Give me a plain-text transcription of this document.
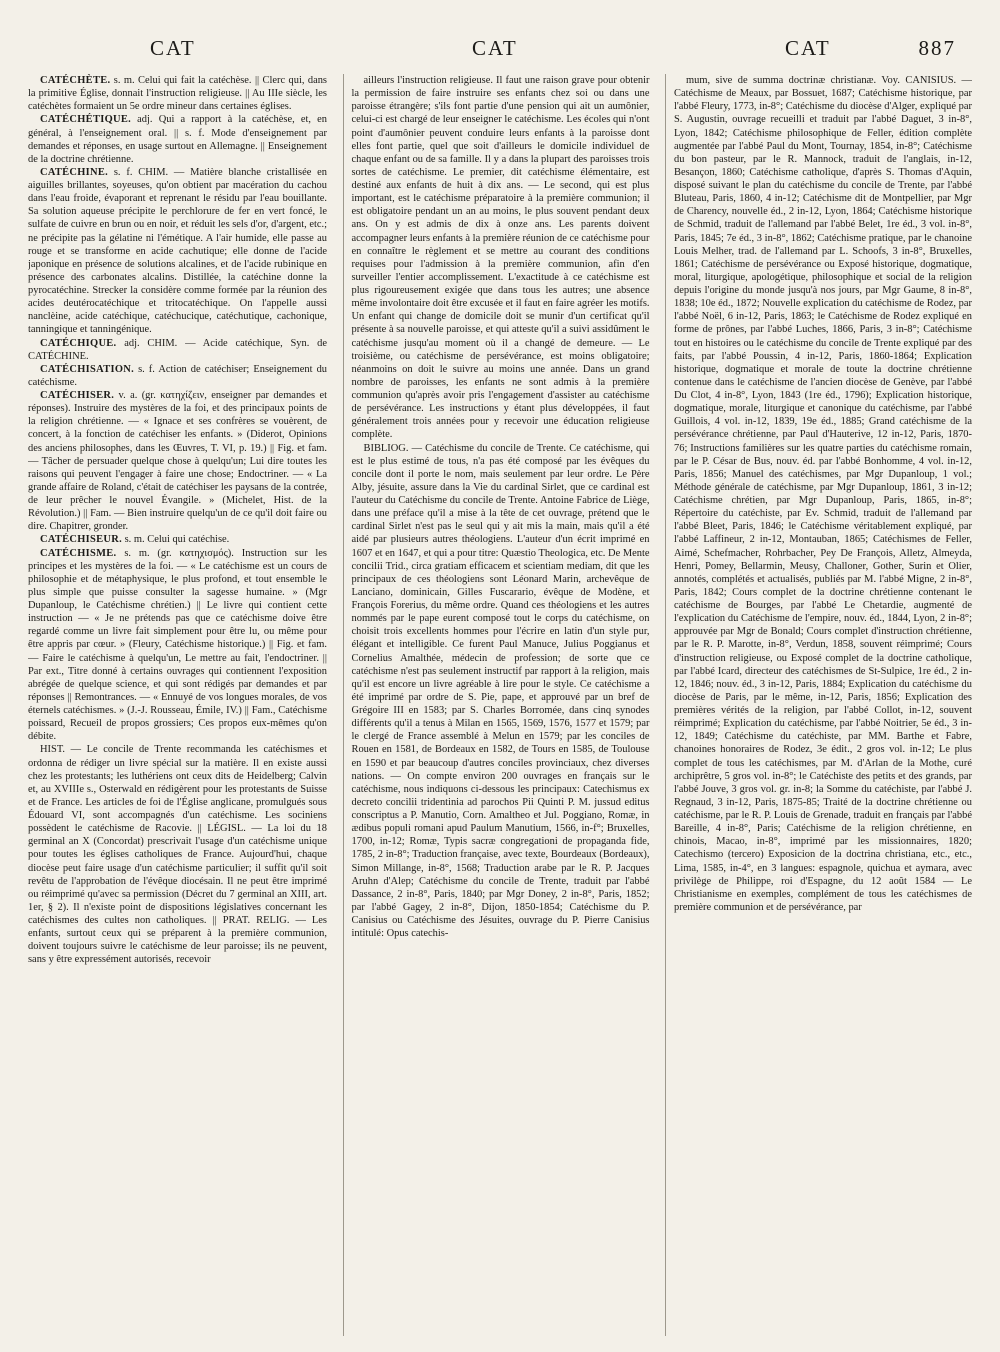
CAT	CAT	CAT	887

CATÉCHÈTE. s. m. Celui qui fait la catéchèse. || Clerc qui, dans la primitive Église, donnait l'instruction religieuse. || Au IIIe siècle, les catéchètes formaient un 5e ordre mineur dans certaines églises.

CATÉCHÉTIQUE. adj. Qui a rapport à la catéchèse, et, en général, à l'enseignement oral. || s. f. Mode d'enseignement par demandes et réponses, en usage surtout en Allemagne. || Enseignement de la doctrine chrétienne.

CATÉCHINE. s. f. CHIM. — Matière blanche cristallisée en aiguilles brillantes, soyeuses, qu'on obtient par macération du cachou dans l'eau froide, évaporant et reprenant le résidu par l'eau bouillante. Sa solution aqueuse précipite le perchlorure de fer en vert foncé, le sulfate de cuivre en brun ou en noir, et réduit les sels d'or, d'argent, etc.; ne précipite pas la gélatine ni l'émétique. A l'air humide, elle passe au rouge et se transforme en acide cachutique; elle donne de l'acide japonique en présence de solutions alcalines, et de l'acide rubinique en présence des carbonates alcalins. Distillée, la catéchine donne la pyrocatéchine. Strecker la considère comme formée par la réunion des acides deutérocatéchique et tritocatéchique. On l'appelle aussi nanclèine, acide catéchique, catéchucique, catéchutique, cachonique, tanningique et tanningénique.

CATÉCHIQUE. adj. CHIM. — Acide catéchique, Syn. de CATÉCHINE.

CATÉCHISATION. s. f. Action de catéchiser; Enseignement du catéchisme.

CATÉCHISER. v. a. (gr. κατηχίζειν, enseigner par demandes et réponses). Instruire des mystères de la foi, et des principaux points de la religion chrétienne. — « Ignace et ses confrères se vouèrent, de concert, à la fonction de catéchiser les enfants. » (Diderot, Opinions des anciens philosophes, dans les Œuvres, T. VI, p. 19.) || Fig. et fam. — Tâcher de persuader quelque chose à quelqu'un; Lui dire toutes les raisons qui peuvent l'engager à faire une chose; Endoctriner. — « La grande affaire de Roland, c'était de catéchiser les paysans de la contrée, de leur prêcher le nouvel Évangile. » (Michelet, Hist. de la Révolution.) || Fam. — Bien instruire quelqu'un de ce qu'il doit faire ou dire. Chapitrer, gronder.

CATÉCHISEUR. s. m. Celui qui catéchise.

CATÉCHISME. s. m. (gr. κατηχισμός). Instruction sur les principes et les mystères de la foi. — « Le catéchisme est un cours de philosophie et de métaphysique, le plus profond, et tout ensemble le plus simple que puisse consulter la sagesse humaine. » (Mgr Dupanloup, le Catéchisme chrétien.) || Le livre qui contient cette instruction — « Je ne prétends pas que ce catéchisme doive être regardé comme un livre fait simplement pour être lu, ou même pour être appris par cœur. » (Fleury, Catéchisme historique.) || Fig. et fam. — Faire le catéchisme à quelqu'un, Le mettre au fait, l'endoctriner. || Par ext., Titre donné à certains ouvrages qui contiennent l'exposition abrégée de quelque science, et qui sont rédigés par demandes et par réponses || Remontrances. — « Ennuyé de vos longues morales, de vos éternels catéchismes. » (J.-J. Rousseau, Émile, IV.) || Fam., Catéchisme poissard, Recueil de propos grossiers; Ces propos eux-mêmes qu'on débite.

HIST. — Le concile de Trente recommanda les catéchismes et ordonna de rédiger un livre spécial sur la matière. Il en existe aussi chez les protestants; les luthériens ont ceux dits de Heidelberg; Calvin et, au XVIIIe s., Osterwald en rédigèrent pour les protestants de Suisse et de France. Les articles de foi de l'Église anglicane, promulgués sous Édouard VI, sont accompagnés d'un catéchisme. Les sociniens possèdent le catéchisme de Racovie. || LÉGISL. — La loi du 18 germinal an X (Concordat) prescrivait l'usage d'un catéchisme unique pour toutes les églises catholiques de France. Aujourd'hui, chaque diocèse peut faire usage d'un catéchisme particulier; il suffit qu'il soit revêtu de l'approbation de l'évêque diocésain. Il ne peut être imprimé ou réimprimé qu'avec sa permission (Décret du 7 germinal an XIII, art. 1er, § 2). Il n'existe point de dispositions législatives concernant les catéchismes des cultes non catholiques. || PRAT. RELIG. — Les enfants, surtout ceux qui se préparent à la première communion, doivent toujours suivre le catéchisme de leur paroisse; ils ne peuvent, sans y être expressément autorisés, recevoir

ailleurs l'instruction religieuse. Il faut une raison grave pour obtenir la permission de faire instruire ses enfants chez soi ou dans une paroisse étrangère; s'ils font partie d'une pension qui ait un aumônier, celui-ci est chargé de leur enseigner le catéchisme. Les écoles qui n'ont point d'aumônier peuvent conduire leurs enfants à la paroisse dont elles font partie, quel que soit d'ailleurs le domicile individuel de chaque enfant ou de sa famille. Il y a dans la plupart des paroisses trois sortes de catéchisme. Le premier, dit catéchisme élémentaire, est destiné aux enfants de huit à dix ans. — Le second, qui est plus important, est le catéchisme préparatoire à la première communion; il est obligatoire pendant un an au moins, le plus souvent pendant deux ans. On y est admis de dix à onze ans. Les parents doivent accompagner leurs enfants à la première réunion de ce catéchisme pour en connaître le règlement et se mettre au courant des conditions requises pour l'admission à la première communion, afin d'en surveiller l'entier accomplissement. L'exactitude à ce catéchisme est plus rigoureusement exigée que dans tous les autres; une absence même involontaire doit être excusée et il faut en faire agréer les motifs. Un enfant qui change de domicile doit se munir d'un certificat qu'il présente à sa nouvelle paroisse, et qui atteste qu'il a suivi assidûment le catéchisme jusqu'au moment où il a changé de demeure. — Le troisième, ou catéchisme de persévérance, est moins obligatoire; néanmoins on doit le suivre au moins une année. Dans un grand nombre de paroisses, les enfants ne sont admis à la première communion qu'après avoir pris l'engagement d'assister au catéchisme de persévérance. Les instructions y étant plus développées, il faut généralement trois années pour y recevoir une éducation religieuse complète.

BIBLIOG. — Catéchisme du concile de Trente. Ce catéchisme, qui est le plus estimé de tous, n'a pas été composé par les évêques du concile dont il porte le nom, mais seulement par leur ordre. Le Père Alby, jésuite, assure dans la Vie du cardinal Sirlet, que ce cardinal est l'auteur du Catéchisme du concile de Trente. Antoine Fabrice de Liège, dans une préface qu'il a mise à la tête de cet ouvrage, prétend que le cardinal Sirlet n'est pas le seul qui y ait mis la main, mais qu'il a été aidé par plusieurs autres théologiens. L'auteur d'un écrit imprimé en 1607 et en 1647, et qui a pour titre: Quæstio Theologica, etc. De Mente concilii Trid., circa gratiam efficacem et scientiam mediam, dit que les principaux de ces théologiens sont Léonard Marin, archevêque de Lanciano, dominicain, Gilles Fuscarario, évêque de Modène, et François Forerius, du même ordre. Quand ces théologiens et les autres nommés par le pape eurent composé tout le corps du catéchisme, on choisit trois excellents hommes pour l'écrire en latin d'un style pur, élégant et intelligible. Ce furent Paul Manuce, Julius Poggianus et Cornelius Amalthée, médecin de profession; de sorte que ce catéchisme n'est pas seulement instructif par rapport à la religion, mais qu'il est encore un livre agréable à lire pour le style. Ce catéchisme a été imprimé par ordre de S. Pie, pape, et approuvé par un bref de Grégoire III en 1583; par S. Charles Borromée, dans cinq synodes différents qu'il a tenus à Milan en 1565, 1569, 1576, 1577 et 1579; par le clergé de France assemblé à Melun en 1579; par les conciles de Rouen en 1581, de Bordeaux en 1582, de Tours en 1585, de Toulouse en 1590 et par beaucoup d'autres conciles provinciaux, chez diverses nations. — On compte environ 200 ouvrages en français sur le catéchisme, nous indiquons ci-dessous les principaux: Catechismus ex decreto concilii tridentinia ad parochos Pii Quinti P. M. jussud editus conscriptus a P. Manutio, Corn. Amaltheo et Jul. Poggiano, Romæ, in ædibus populi romani apud Paulum Manutium, 1566, in-f°; Bruxelles, 1700, in-12; Romæ, Typis sacræ congregationi de propaganda fide, 1785, 2 in-8°; Traduction française, avec texte, Bourdeaux (Bordeaux), Simon Millange, in-8°, 1568; Traduction arabe par le R. P. Jacques Aruhn d'Alep; Catéchisme du concile de Trente, traduit par l'abbé Dassance, 2 in-8°, Paris, 1840; par Mgr Doney, 2 in-8°, Paris, 1852; par l'abbé Gagey, 2 in-8°, Dijon, 1850-1854; Catéchisme du P. Canisius ou Catéchisme des Jésuites, ouvrage du P. Pierre Canisius intitulé: Opus catechis-

mum, sive de summa doctrinæ christianæ. Voy. CANISIUS. — Catéchisme de Meaux, par Bossuet, 1687; Catéchisme historique, par l'abbé Fleury, 1773, in-8°; Catéchisme du diocèse d'Alger, expliqué par S. Augustin, ouvrage recueilli et traduit par l'abbé Daguet, 3 in-8°, Lyon, 1842; Catéchisme philosophique de Feller, édition complète augmentée par l'abbé Paul du Mont, Tournay, 1854, in-8°; Catéchisme du bon pasteur, par le R. Mannock, traduit de l'anglais, in-12, Besançon, 1860; Catéchisme catholique, d'après S. Thomas d'Aquin, disposé suivant le plan du catéchisme du concile de Trente, par l'abbé Bluteau, Paris, 1860, 4 in-12; Catéchisme dit de Montpellier, par Mgr de Charency, nouvelle éd., 2 in-12, Lyon, 1864; Catéchisme historique de Schmid, traduit de l'allemand par l'abbé Belet, 1re éd., 3 vol. in-8°, Paris, 1845; 7e éd., 3 in-8°, 1862; Catéchisme pratique, par le chanoine Louis Melher, trad. de l'allemand par L. Schoofs, 3 in-8°, Bruxelles, 1861; Catéchisme de persévérance ou Exposé historique, dogmatique, moral, liturgique, apologétique, philosophique et social de la religion depuis l'origine du monde jusqu'à nos jours, par Mgr Gaume, 8 in-8°, 1838; 10e éd., 1872; Nouvelle explication du catéchisme de Rodez, par l'abbé Noël, 6 in-12, Paris, 1863; le Catéchisme de Rodez expliqué en forme de prônes, par l'abbé Luches, 1866, Paris, 3 in-8°; Catéchisme tout en histoires ou le catéchisme du concile de Trente expliqué par des faits, par l'abbé Poussin, 4 in-12, Paris, 1860-1864; Explication historique, dogmatique et morale de toute la doctrine chrétienne contenue dans le catéchisme de l'ancien diocèse de Genève, par l'abbé Du Clot, 4 in-8°, Lyon, 1843 (1re éd., 1796); Explication historique, dogmatique, morale, liturgique et canonique du catéchisme, par l'abbé Guillois, 4 vol. in-12, 1839, 19e éd., 1885; Grand catéchisme de la persévérance chrétienne, par Paul d'Hauterive, 12 in-12, Paris, 1870-76; Instructions familières sur les quatre parties du catéchisme romain, par le P. César de Bus, nouv. éd. par l'abbé Bonhomme, 4 vol. in-12, Paris, 1856; Manuel des catéchismes, par Mgr Dupanloup, 1 vol.; Méthode générale de catéchisme, par Mgr Dupanloup, 1861, 3 in-12; Catéchisme chrétien, par Mgr Dupanloup, Paris, 1865, in-8°; Répertoire du catéchiste, par Ev. Schmid, traduit de l'allemand par l'abbé Bleet, Paris, 1846; le Catéchisme véritablement expliqué, par l'abbé Laffineur, 2 in-12, Montauban, 1865; Catéchismes de Feller, Aimé, Schefmacher, Rohrbacher, Pey De François, Alletz, Almeyda, Henri, Pomey, Bellarmin, Meusy, Challoner, Gother, Surin et Olier, annotés, complétés et actualisés, publiés par M. l'abbé Migne, 2 in-8°, Paris, 1842; Cours complet de la doctrine chrétienne contenant le catéchisme de Bourges, par l'abbé Le Chetardie, augmenté de l'explication du Catéchisme de l'empire, nouv. éd., 1844, Lyon, 2 in-8°; approuvée par Mgr de Bonald; Cours complet d'instruction chrétienne, par le R. P. Marotte, in-8°, Verdun, 1858, souvent réimprimé; Cours d'instruction religieuse, ou Exposé complet de la doctrine catholique, par l'abbé Icard, directeur des catéchismes de St-Sulpice, 1re éd., 2 in-12, 1846; nouv. éd., 3 in-12, Paris, 1884; Explication du catéchisme du diocèse de Paris, par le même, in-12, Paris, 1856; Explication des premières vérités de la religion, par l'abbé Collot, in-12, souvent réimprimé; Explication du catéchisme, par l'abbé Noitrier, 5e éd., 3 in-12, 1849; Catéchisme du catéchiste, par MM. Barthe et Fabre, chanoines honoraires de Rodez, 3e édit., 2 gros vol. in-12; Le plus complet de tous les catéchismes, par M. d'Arlan de la Mothe, curé archiprêtre, 5 gros vol. in-8°; le Catéchiste des petits et des grands, par l'abbé Jouve, 3 gros vol. gr. in-8; la Somme du catéchiste, par l'abbé J. Regnaud, 3 in-12, Paris, 1875-85; Traité de la doctrine chrétienne ou catéchisme, par le R. P. Louis de Grenade, traduit en français par l'abbé Bareille, 4 in-8°, Paris; Catéchisme de la religion chrétienne, en chinois, Macao, in-8°, imprimé par les missionnaires, 1820; Catechismo (tercero) Exposicion de la doctrina christiana, etc., etc., Lima, 1585, in-4°, en 3 langues: espagnole, quichua et aymara, avec privilège de Philippe, roi d'Espagne, du 12 août 1584 — Le Christianisme en exemples, complément de tous les catéchismes de première communion et de persévérance, par
